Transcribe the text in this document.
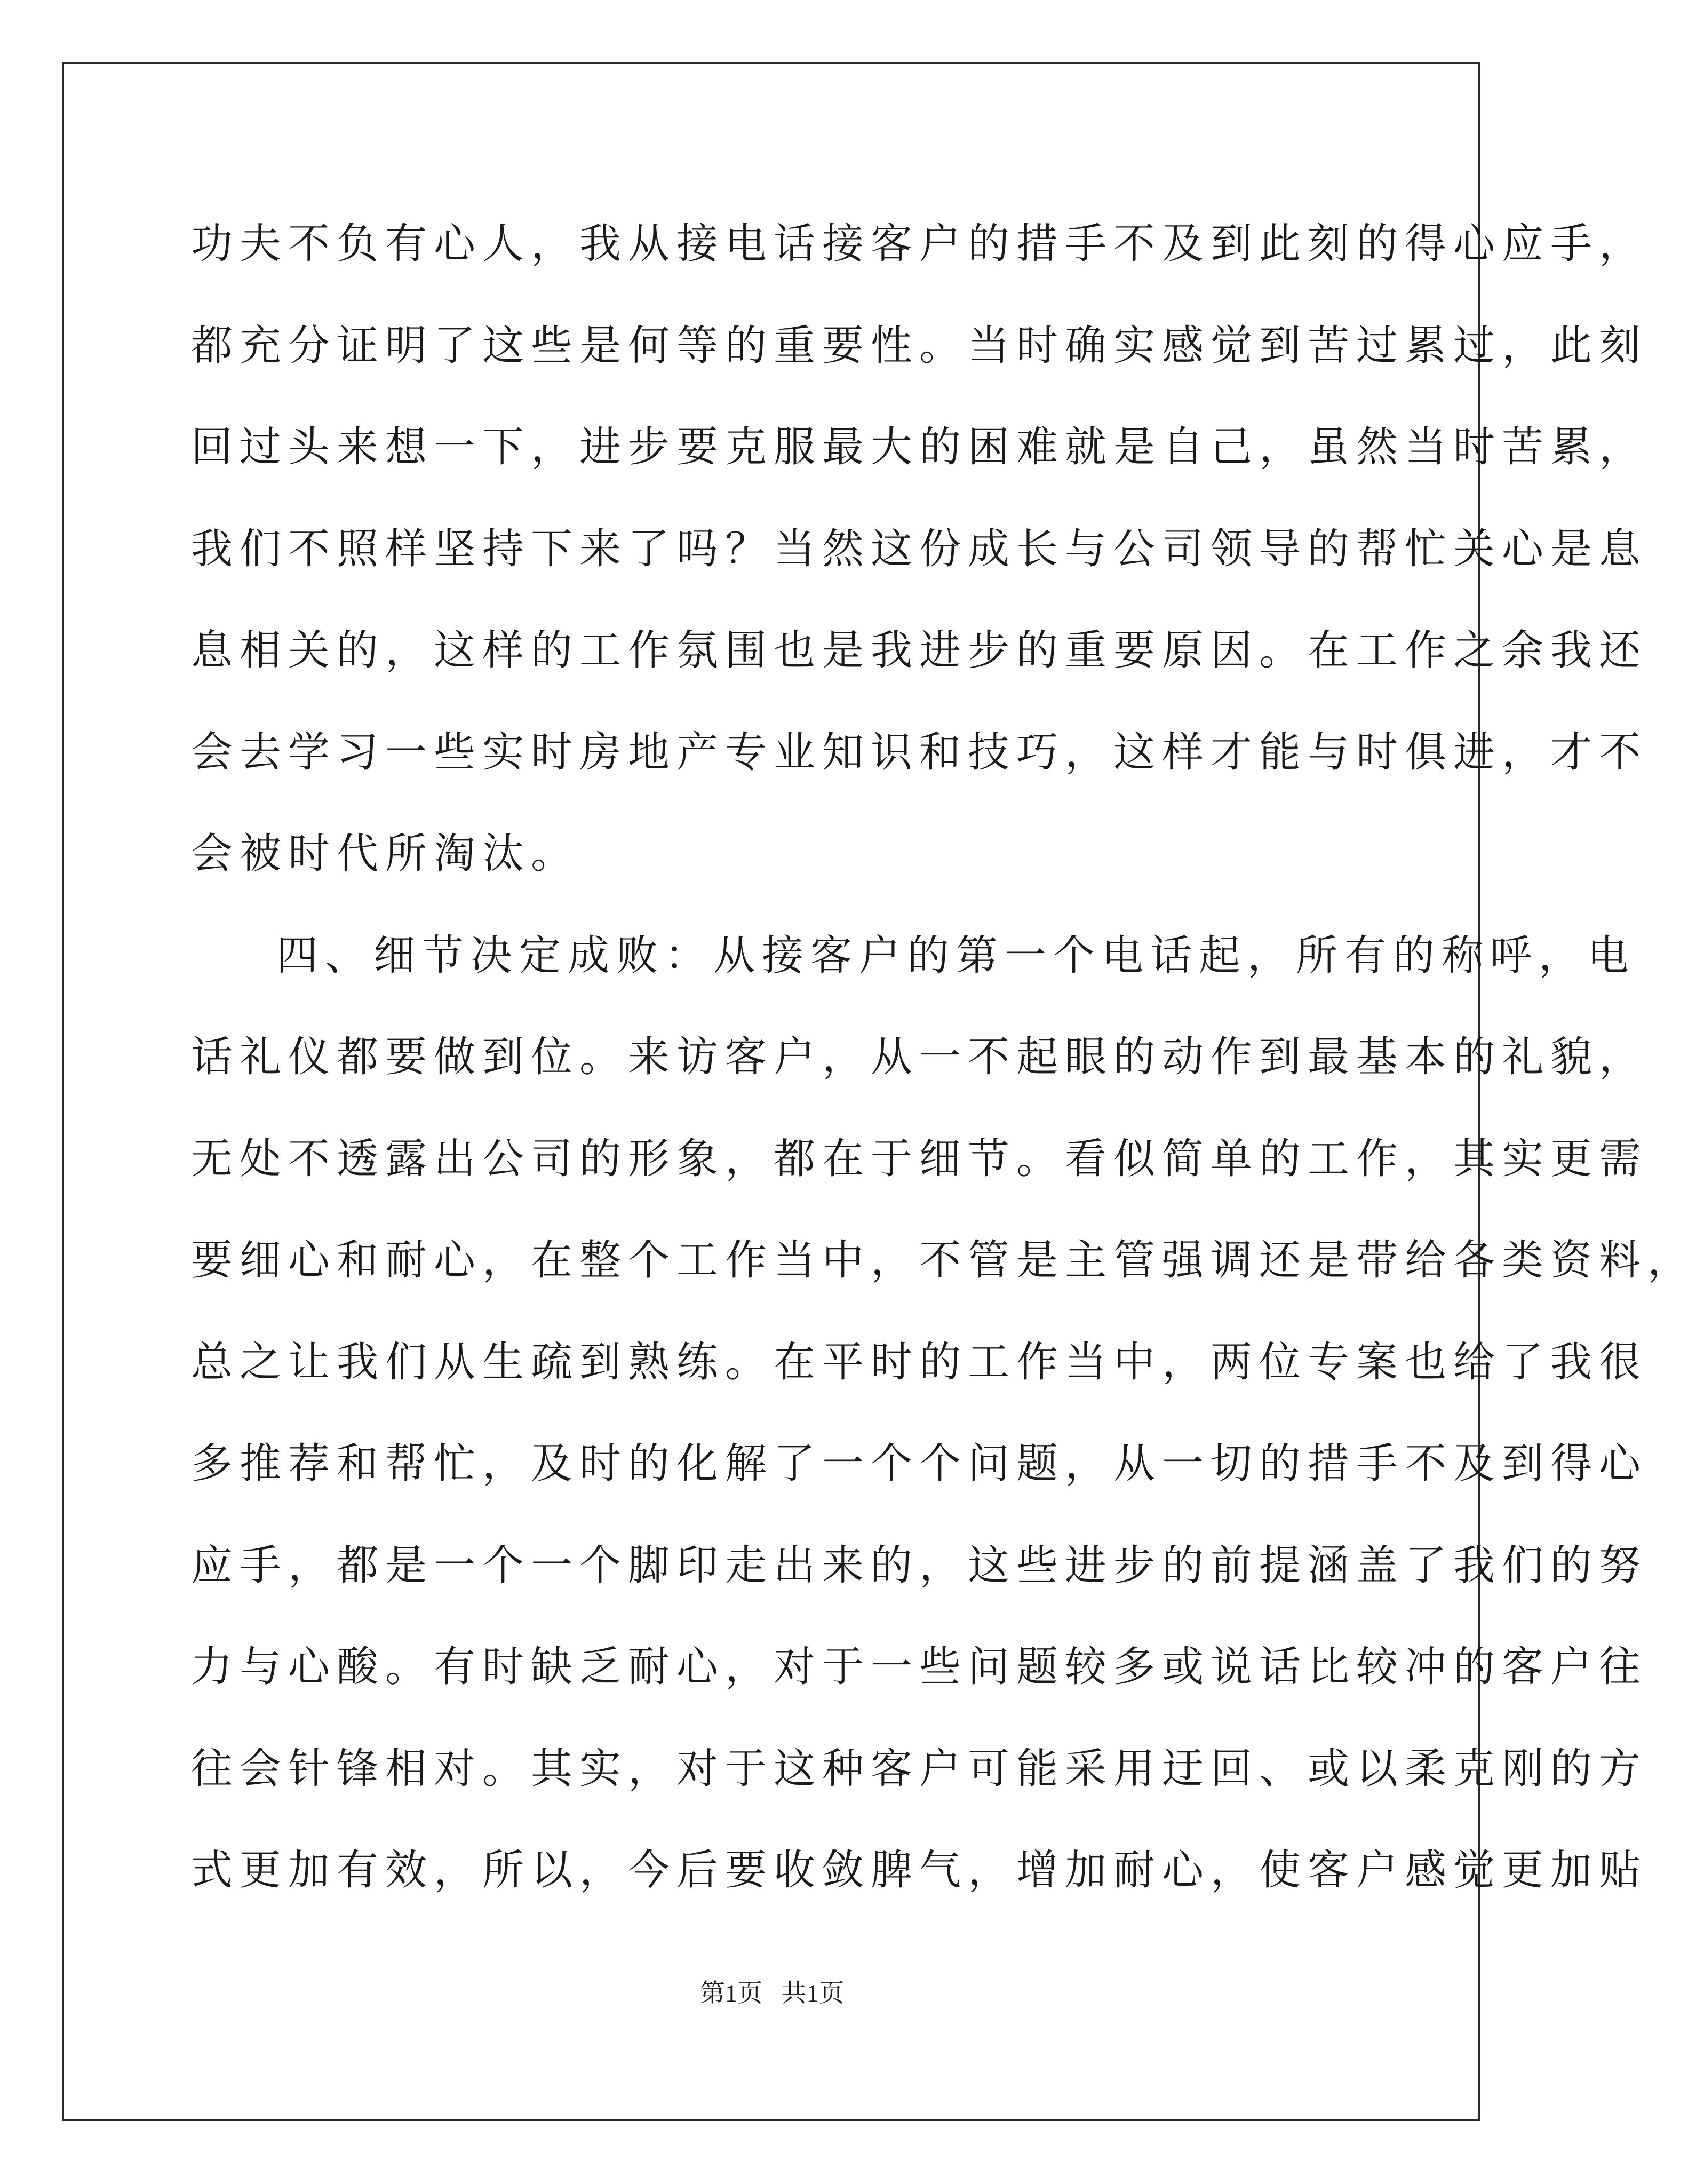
功夫不负有心人，我从接电话接客户的措手不及到此刻的得心应手，
都充分证明了这些是何等的重要性。当时确实感觉到苦过累过，此刻
回过头来想一下，进步要克服最大的困难就是自己，虽然当时苦累，
我们不照样坚持下来了吗？当然这份成长与公司领导的帮忙关心是息
息相关的，这样的工作氛围也是我进步的重要原因。在工作之余我还
会去学习一些实时房地产专业知识和技巧，这样才能与时俱进，才不
会被时代所淘汰。
四、细节决定成败：从接客户的第一个电话起，所有的称呼，电
话礼仪都要做到位。来访客户，从一不起眼的动作到最基本的礼貌，
无处不透露出公司的形象，都在于细节。看似简单的工作，其实更需
要细心和耐心，在整个工作当中，不管是主管强调还是带给各类资料，
总之让我们从生疏到熟练。在平时的工作当中，两位专案也给了我很
多推荐和帮忙，及时的化解了一个个问题，从一切的措手不及到得心
应手，都是一个一个脚印走出来的，这些进步的前提涵盖了我们的努
力与心酸。有时缺乏耐心，对于一些问题较多或说话比较冲的客户往
往会针锋相对。其实，对于这种客户可能采用迂回、或以柔克刚的方
式更加有效，所以，今后要收敛脾气，增加耐心，使客户感觉更加贴
第1页   共1页
